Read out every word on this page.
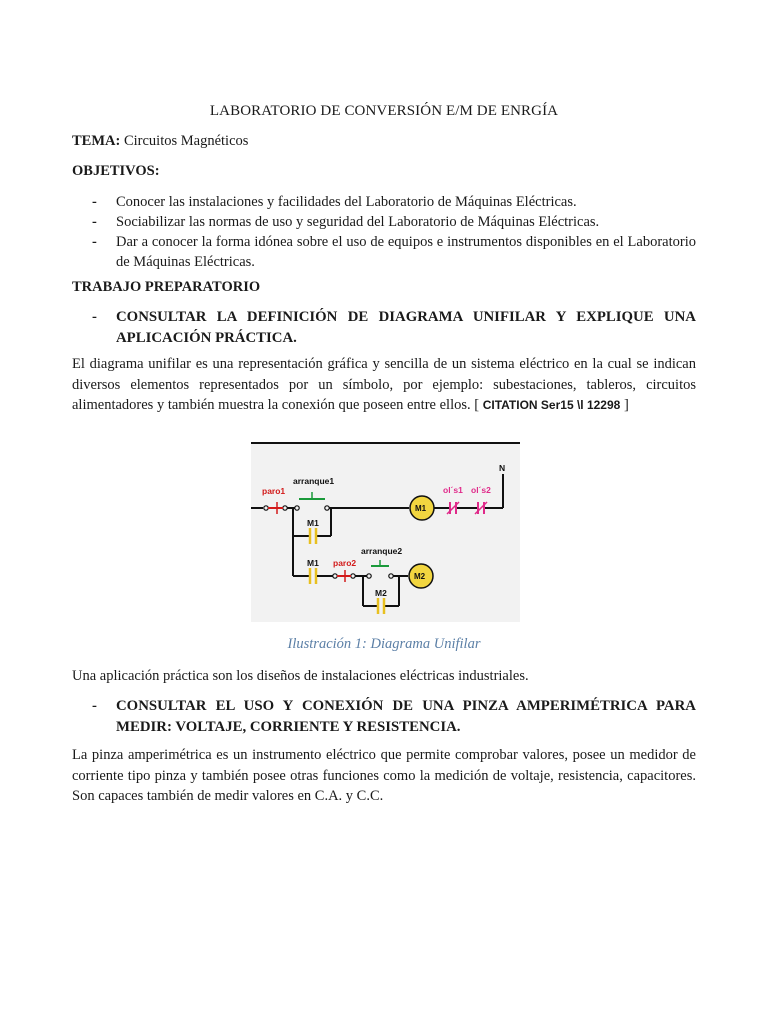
LABORATORIO DE CONVERSIÓN E/M DE ENRGÍA
TEMA: Circuitos Magnéticos
OBJETIVOS:
- Conocer las instalaciones y facilidades del Laboratorio de Máquinas Eléctricas.
- Sociabilizar las normas de uso y seguridad del Laboratorio de Máquinas Eléctricas.
- Dar a conocer la forma idónea sobre el uso de equipos e instrumentos disponibles en el Laboratorio de Máquinas Eléctricas.
TRABAJO PREPARATORIO
-	CONSULTAR LA DEFINICIÓN DE DIAGRAMA UNIFILAR Y EXPLIQUE UNA APLICACIÓN PRÁCTICA.
El diagrama unifilar es una representación gráfica y sencilla de un sistema eléctrico en la cual se indican diversos elementos representados por un símbolo, por ejemplo: subestaciones, tableros, circuitos alimentadores y también muestra la conexión que poseen entre ellos. [ CITATION Ser15 \l 12298 ]
paro1
arranque1
M1
M1
ol´s1 ol´s2
N
M1 paro2
arranque2
M2
M2
Ilustración 1: Diagrama Unifilar
Una aplicación práctica son los diseños de instalaciones eléctricas industriales.
-	CONSULTAR EL USO Y CONEXIÓN DE UNA PINZA AMPERIMÉTRICA PARA MEDIR: VOLTAJE, CORRIENTE Y RESISTENCIA.
La pinza amperimétrica es un instrumento eléctrico que permite comprobar valores, posee un medidor de corriente tipo pinza y también posee otras funciones como la medición de voltaje, resistencia, capacitores. Son capaces también de medir valores en C.A. y C.C.
